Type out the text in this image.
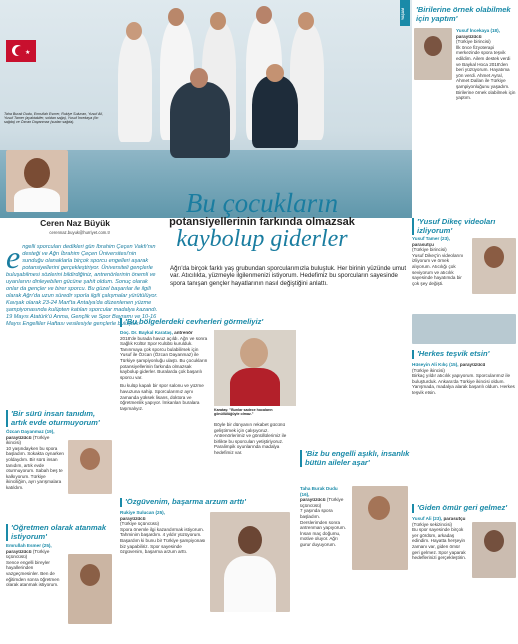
★
Taha Burak Dudu, Emrullah Esmer, Rukiye Sulucan, Yusuf Ali, Yusuf Tamer (ayaktakiler, soldan sağa), Yusuf İncekaya (ön sağda) ve Özcan Dayanmaz (sudan sağda).
YAŞAM
Ceren Naz Büyük
cerennaz.buyuk@hurriyet.com.tr
Bu çocukların
potansiyellerinin farkında olmazsak
kaybolup giderler
Ağrı'da birçok farklı yaş grubundan sporcularımızla buluştuk. Her birinin yüzünde umut var. Atıcılıkta, yüzmeyle ilgilenmenizi istiyorum. Hedefimiz bu sporcuların sayesinde spora tanışan gençler hayatlarının nasıl değiştiğini anlattı.
e ngelli sporcuları dedikleri gün İbrahim Çeçen Vakfı'nın desteği ve Ağrı İbrahim Çeçen Üniversitesi'nin sunduğu olanaklarla birçok sporcu engelleri aşarak potansiyellerini gerçekleştiriyor. Üniversiteli gençlerle buluşabilmesi sözlerini bildirdiğiniz, antrenörlerinin önemli ve uyarılarını dinleyebilen gücüne şahit oldum. Sonuç olarak onlar da gençler ve birer sporcu. Bu güzel başarılar ile ilgili olarak Ağrı'da uzun süredir sporla ilgili çalışmalar yürütülüyor. Kavşak olarak 23-24 Mart'ta Antalya'da düzenlenen yüzme şampiyonasında kulüpten katılan sporcular madalya kazandı. 19 Mayıs Atatürk'ü Anma, Gençlik ve Spor Bayramı ve 10-16 Mayıs Engelliler Haftası vesilesiyle gençlerle buluştuk.
'Bir sürü insan tanıdım, artık evde oturmuyorum'
Özcan Dayanmaz (19),
parayüzücü (Türkiye ikincisi)
10 yaşındayken bu spora başladım. Sokakta oynarken yoldaydım. Bir sürü insan tanıdım, artık evde oturmuyorum. Sabah beş te kalkıyorum. Türkiye ikinciliğim, ayrı yarışmalara katıldım.
'Öğretmen olarak atanmak istiyorum'
Emrullah Esmer (25),
parayüzücü (Türkiye üçüncüsü)
Sence engelli bireyler hayallerinden vazgeçmesinler. Ben de eğitimden sonra öğretmen olarak atanmak istiyorum.
'Bu bölgelerdeki cevherleri görmeliyiz'
Doç. Dr. Baykal Karataş, antrenör
2018'de burada havuz açıldı. Ağrı ve sonra Sağlık Kültür Spor Kulübü kurulduk. Tanınmaya çok sporcu bulabilirsek için Yusuf ile Özcan (Özcan Dayanmaz) ile Türkiye şampiyonluğu ulaştı. Bu çocukların potansiyellerinin farkında olmazsak kaybolup giderler. Buralarda çok başarılı sporcu var.
Bu kulüp kapalı bir spor salonu ve yüzme havuzuna sahip. Sporcularımız aynı zamanda yüksek lisans, doktora ve öğretmenlik yapıyor. İmkanları buralara taşımalıyız.	Karataş: "Bunlar sadece hocaların gönüllülüğüyle olmaz."
Böyle bir dünyanın rekabet gücünü geliştirmek için çalışıyoruz. Antrenörlerimiz ve gönüllülerimiz ile birlikte bu sporcuları yetiştiriyoruz. Paralimpik oyunlarında madalya hedefimiz var.
'Özgüvenim, başarma arzum arttı'
Rukiye Sulucan (25),
parayüzücü
(Türkiye üçüncüsü)
Spora önemle ilgi kazandırmak istiyorum. Tahminim başardım. 4 yıldır yüzüyorum. Başardım ki bunu bir Türkiye şampiyonası biz yapabiliriz. Spor sayesinde özgüvenim, başarma arzum arttı.
'Biz bu engelli aşıklı, insanlık bütün aileler aşar'
Taha Burak Dudu (16),
parayüzücü (Türkiye üçüncüsü)
7 yaşında spora başladım. Derslerimden sonra antrenman yapıyorum. İnsan maç doğumu, motive oluyor. Ağrı gurur duyuyorum.
'Birilerine örnek olabilmek için yaptım'
Yusuf İncekaya (18), parayüzücü
(Türkiye birincisi)
İlk önce fizyoterapi merkezinde spora teşvik edildim. Ailem destek verdi ve Baykal Hoca 2018'den beri yüzüyorum. Hayatıma yön verdi. Ahmet Ayral, Ahmet Dallan ile Türkiye şampiyonluğunu yaşadım. Birilerine örnek olabilmek için yaptım.
'Yusuf Dikeç videoları izliyorum'
Yusuf Tamer (23), parasutçu
(Türkiye birincisi)
Yusuf Dikeç'in videolarını izliyorum ve örnek alıyorum. Atıcılığı çok seviyorum ve atıcılık sayesinde hayatımda bir çok şey değişti.
'Herkes teşvik etsin'
Hüseyin Ali Kılıç (15), parayüzücü
(Türkiye ikincisi)
Birkaç yıldır atıcılık yapıyorum. Sporcularımız ile buluşturduk. Ankara'da Türkiye ikincisi oldum. Yarışmada, madalya alarak başarılı oldum. Herkes teşvik etsin.
'Giden ömür geri gelmez'
Yusuf Ali (23), parasutçu
(Türkiye sekizincisi)
Bu spor sayesinde birçok yer gördüm, arkadaş edindim. Hayatta herşeyin zamanı var, giden ömür geri gelmez. Spor yaparak hedeflerinizi gerçekleştirin.
